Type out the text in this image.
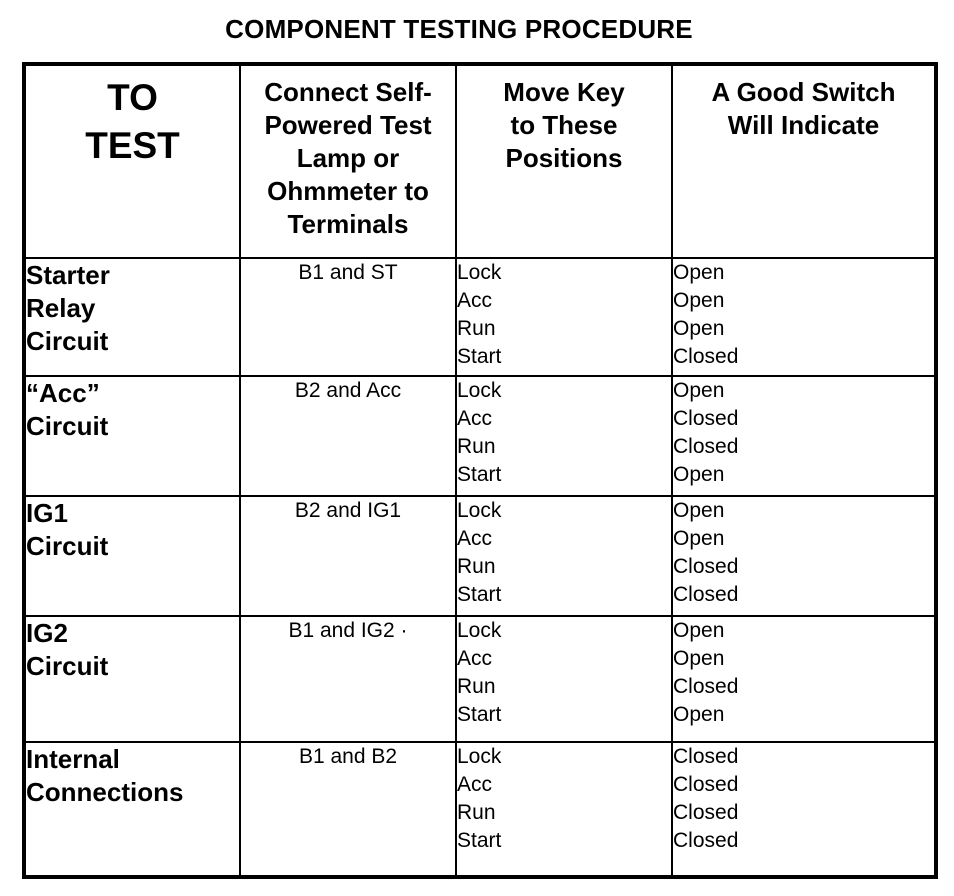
COMPONENT TESTING PROCEDURE
TO
TEST	Connect Self-
Powered Test
Lamp or
Ohmmeter to
Terminals	Move Key
to These
Positions	A Good Switch
Will Indicate

Starter
Relay
Circuit	B1 and ST	Lock
Acc
Run
Start	Open
Open
Open
Closed

“Acc”
Circuit	B2 and Acc	Lock
Acc
Run
Start	Open
Closed
Closed
Open

IG1
Circuit	B2 and IG1	Lock
Acc
Run
Start	Open
Open
Closed
Closed

IG2
Circuit	B1 and IG2 ·	Lock
Acc
Run
Start	Open
Open
Closed
Open

Internal
Connections	B1 and B2	Lock
Acc
Run
Start	Closed
Closed
Closed
Closed
